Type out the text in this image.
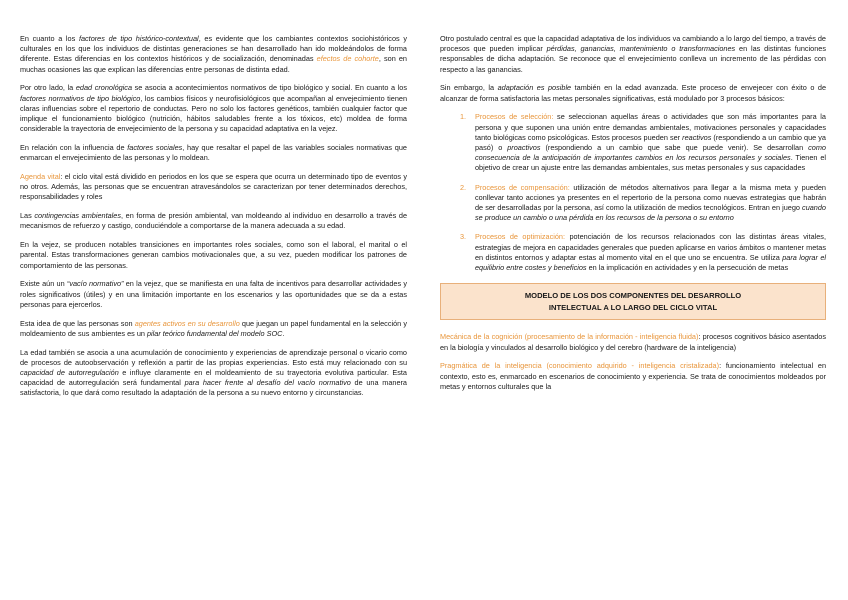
En cuanto a los factores de tipo histórico-contextual, es evidente que los cambiantes contextos sociohistóricos y culturales en los que los individuos de distintas generaciones se han desarrollado han ido moldeándolos de forma diferente. Estas diferencias en los contextos históricos y de socialización, denominadas efectos de cohorte, son en muchas ocasiones las que explican las diferencias entre personas de distinta edad.

Por otro lado, la edad cronológica se asocia a acontecimientos normativos de tipo biológico y social. En cuanto a los factores normativos de tipo biológico, los cambios físicos y neurofisiológicos que acompañan al envejecimiento tienen claras influencias sobre el repertorio de conductas. Pero no solo los factores genéticos, también cualquier factor que implique el funcionamiento biológico (nutrición, hábitos saludables frente a los tóxicos, etc) moldea de forma considerable la trayectoria de envejecimiento de la persona y su capacidad adaptativa en la vejez.

En relación con la influencia de factores sociales, hay que resaltar el papel de las variables sociales normativas que enmarcan el envejecimiento de las personas y lo moldean.

Agenda vital: el ciclo vital está dividido en periodos en los que se espera que ocurra un determinado tipo de eventos y no otros. Además, las personas que se encuentran atravesándolos se caracterizan por tener determinados derechos, responsabilidades y roles

Las contingencias ambientales, en forma de presión ambiental, van moldeando al individuo en desarrollo a través de mecanismos de refuerzo y castigo, conduciéndole a comportarse de la manera adecuada a su edad.

En la vejez, se producen notables transiciones en importantes roles sociales, como son el laboral, el marital o el parental. Estas transformaciones generan cambios motivacionales que, a su vez, pueden modificar los patrones de comportamiento de las personas.

Existe aún un “vacío normativo” en la vejez, que se manifiesta en una falta de incentivos para desarrollar actividades y roles significativos (útiles) y en una limitación importante en los escenarios y las oportunidades que se da a estas personas para ejercerlos.

Esta idea de que las personas son agentes activos en su desarrollo que juegan un papel fundamental en la selección y moldeamiento de sus ambientes es un pilar teórico fundamental del modelo SOC.

La edad también se asocia a una acumulación de conocimiento y experiencias de aprendizaje personal o vicario como de procesos de autoobservación y reflexión a partir de las propias experiencias. Esto está muy relacionado con su capacidad de autorregulación e influye claramente en el moldeamiento de su trayectoria evolutiva particular. Esta capacidad de autorregulación será fundamental para hacer frente al desafío del vacío normativo de una manera satisfactoria, lo que dará como resultado la adaptación de la persona a su nuevo entorno y circunstancias.

Otro postulado central es que la capacidad adaptativa de los individuos va cambiando a lo largo del tiempo, a través de procesos que pueden implicar pérdidas, ganancias, mantenimiento o transformaciones en las distintas funciones responsables de dicha adaptación. Se reconoce que el envejecimiento conlleva un incremento de las pérdidas con respecto a las ganancias.

Sin embargo, la adaptación es posible también en la edad avanzada. Este proceso de envejecer con éxito o de alcanzar de forma satisfactoria las metas personales significativas, está modulado por 3 procesos básicos:

1. Procesos de selección: se seleccionan aquellas áreas o actividades que son más importantes para la persona y que suponen una unión entre demandas ambientales, motivaciones personales y capacidades tanto biológicas como psicológicas. Estos procesos pueden ser reactivos (respondiendo a un cambio que ya pasó) o proactivos (respondiendo a un cambio que sabe que puede venir). Se desarrollan como consecuencia de la anticipación de importantes cambios en los recursos personales y sociales. Tienen el objetivo de crear un ajuste entre las demandas ambientales, sus metas personales y sus capacidades
2. Procesos de compensación: utilización de métodos alternativos para llegar a la misma meta y pueden conllevar tanto acciones ya presentes en el repertorio de la persona como nuevas estrategias que habrán de ser desarrolladas por la persona, así como la utilización de medios tecnológicos. Entran en juego cuando se produce un cambio o una pérdida en los recursos de la persona o su entorno
3. Procesos de optimización: potenciación de los recursos relacionados con las distintas áreas vitales, estrategias de mejora en capacidades generales que pueden aplicarse en varios ámbitos o mantener metas en distintos entornos y adaptar estas al momento vital en el que uno se encuentra. Se utiliza para lograr el equilibrio entre costes y beneficios en la implicación en actividades y en la persecución de metas
MODELO DE LOS DOS COMPONENTES DEL DESARROLLO
INTELECTUAL A LO LARGO DEL CICLO VITAL

Mecánica de la cognición (procesamiento de la información - inteligencia fluida): procesos cognitivos básico asentados en la biología y vinculados al desarrollo biológico y del cerebro (hardware de la inteligencia)

Pragmática de la inteligencia (conocimiento adquirido - inteligencia cristalizada): funcionamiento intelectual en contexto, esto es, enmarcado en escenarios de conocimiento y experiencia. Se trata de conocimientos moldeados por metas y entornos culturales que la
